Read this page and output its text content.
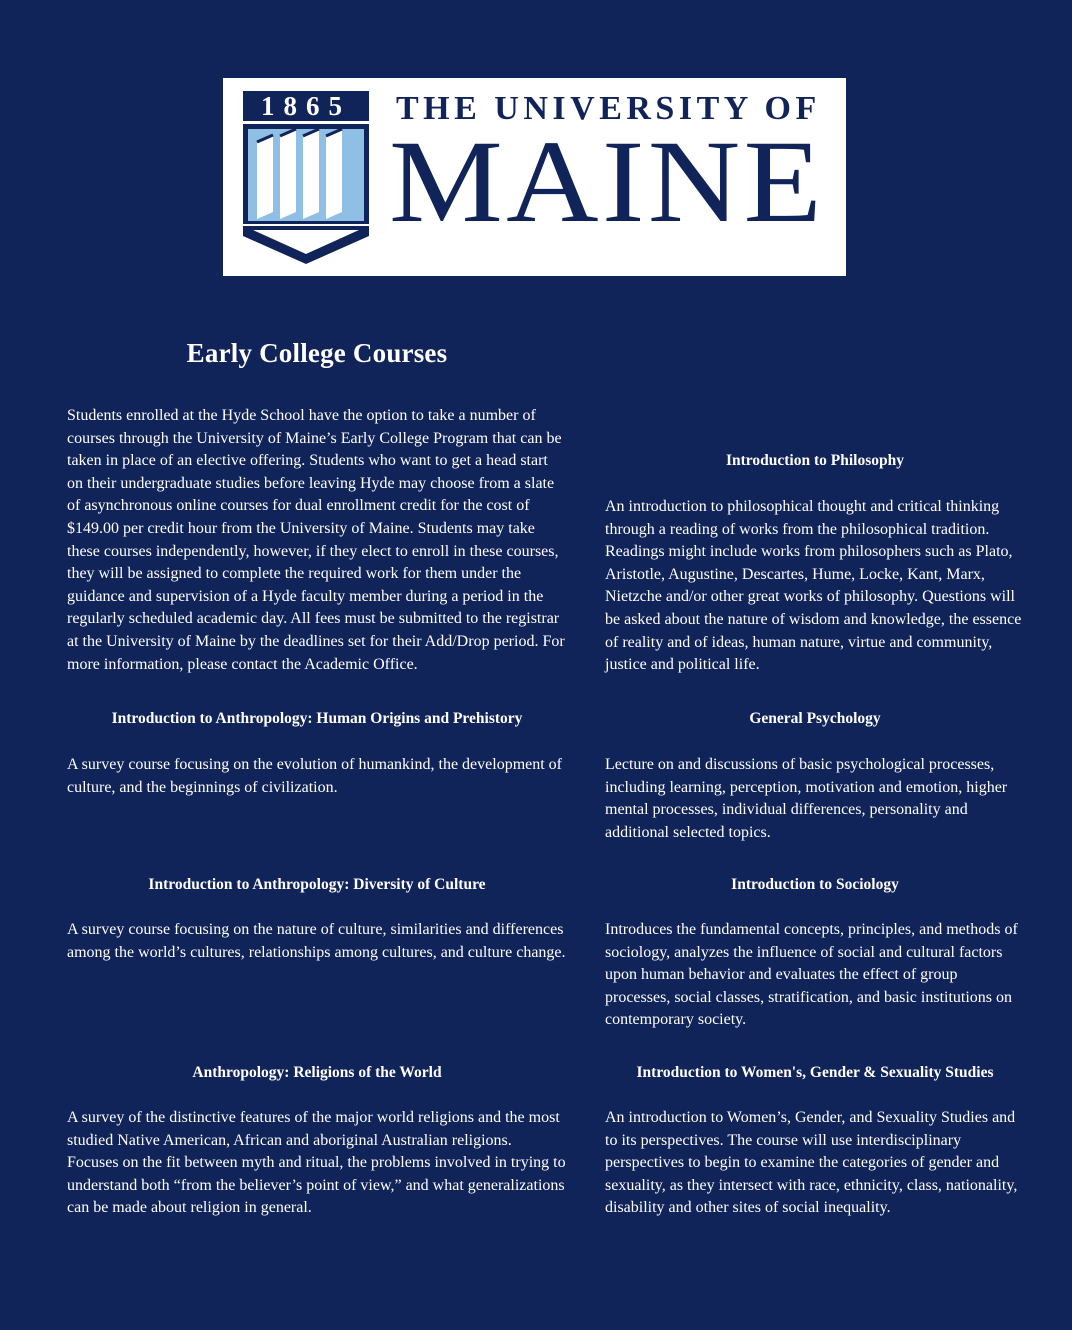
1865 THE UNIVERSITY OF
MAINE
Early College Courses

Students enrolled at the Hyde School have the option to take a number of courses through the University of Maine’s Early College Program that can be taken in place of an elective offering. Students who want to get a head start on their undergraduate studies before leaving Hyde may choose from a slate of asynchronous online courses for dual enrollment credit for the cost of $149.00 per credit hour from the University of Maine. Students may take these courses independently, however, if they elect to enroll in these courses, they will be assigned to complete the required work for them under the guidance and supervision of a Hyde faculty member during a period in the regularly scheduled academic day. All fees must be submitted to the registrar at the University of Maine by the deadlines set for their Add/Drop period. For more information, please contact the Academic Office.

Introduction to Philosophy

An introduction to philosophical thought and critical thinking through a reading of works from the philosophical tradition. Readings might include works from philosophers such as Plato, Aristotle, Augustine, Descartes, Hume, Locke, Kant, Marx, Nietzche and/or other great works of philosophy. Questions will be asked about the nature of wisdom and knowledge, the essence of reality and of ideas, human nature, virtue and community, justice and political life.

Introduction to Anthropology: Human Origins and Prehistory

A survey course focusing on the evolution of humankind, the development of culture, and the beginnings of civilization.

General Psychology

Lecture on and discussions of basic psychological processes, including learning, perception, motivation and emotion, higher mental processes, individual differences, personality and additional selected topics.

Introduction to Anthropology: Diversity of Culture

A survey course focusing on the nature of culture, similarities and differences among the world’s cultures, relationships among cultures, and culture change.

Introduction to Sociology

Introduces the fundamental concepts, principles, and methods of sociology, analyzes the influence of social and cultural factors upon human behavior and evaluates the effect of group processes, social classes, stratification, and basic institutions on contemporary society.

Anthropology: Religions of the World

A survey of the distinctive features of the major world religions and the most studied Native American, African and aboriginal Australian religions. Focuses on the fit between myth and ritual, the problems involved in trying to understand both “from the believer’s point of view,” and what generalizations can be made about religion in general.

Introduction to Women's, Gender & Sexuality Studies

An introduction to Women’s, Gender, and Sexuality Studies and to its perspectives. The course will use interdisciplinary perspectives to begin to examine the categories of gender and sexuality, as they intersect with race, ethnicity, class, nationality, disability and other sites of social inequality.
